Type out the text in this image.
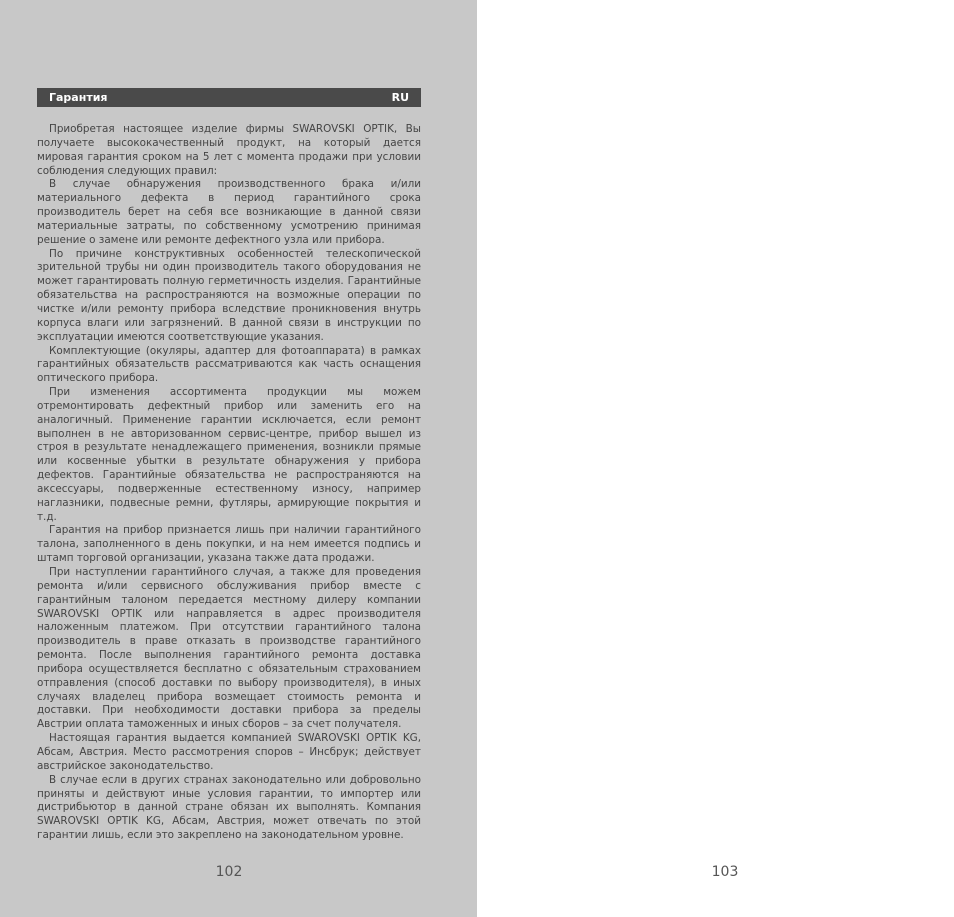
Гарантия	RU

Приобретая настоящее изделие фирмы SWAROVSKI OPTIK, Вы получаете высококачественный продукт, на который дается мировая гарантия сроком на 5 лет с момента продажи при условии соблюдения следующих правил:

В случае обнаружения производственного брака и/или материального дефекта в период гарантийного срока производитель берет на себя все возникающие в данной связи материальные затраты, по собственному усмотрению принимая решение о замене или ремонте дефектного узла или прибора.

По причине конструктивных особенностей телескопической зрительной трубы ни один производитель такого оборудования не может гарантировать полную герметичность изделия. Гарантийные обязательства на распространяются на возможные операции по чистке и/или ремонту прибора вследствие проникновения внутрь корпуса влаги или загрязнений. В данной связи в инструкции по эксплуатации имеются соответствующие указания.

Комплектующие (окуляры, адаптер для фотоаппарата) в рамках гарантийных обязательств рассматриваются как часть оснащения оптического прибора.

При изменения ассортимента продукции мы можем отремонтировать дефектный прибор или заменить его на аналогичный. Применение гарантии исключается, если ремонт выполнен в не авторизованном сервис-центре, прибор вышел из строя в результате ненадлежащего применения, возникли прямые или косвенные убытки в результате обнаружения у прибора дефектов. Гарантийные обязательства не распространяются на аксессуары, подверженные естественному износу, например наглазники, подвесные ремни, футляры, армирующие покрытия и т.д.

Гарантия на прибор признается лишь при наличии гарантийного талона, заполненного в день покупки, и на нем имеется подпись и штамп торговой организации, указана также дата продажи.

При наступлении гарантийного случая, а также для проведения ремонта и/или сервисного обслуживания прибор вместе с гарантийным талоном передается местному дилеру компании SWAROVSKI OPTIK или направляется в адрес производителя наложенным платежом. При отсутствии гарантийного талона производитель в праве отказать в производстве гарантийного ремонта. После выполнения гарантийного ремонта доставка прибора осуществляется бесплатно с обязательным страхованием отправления (способ доставки по выбору производителя), в иных случаях владелец прибора возмещает стоимость ремонта и доставки. При необходимости доставки прибора за пределы Австрии оплата таможенных и иных сборов – за счет получателя.

Настоящая гарантия выдается компанией SWAROVSKI OPTIK KG, Абсам, Австрия. Место рассмотрения споров – Инсбрук; действует австрийское законодательство.

В случае если в других странах законодательно или добровольно приняты и действуют иные условия гарантии, то импортер или дистрибьютор в данной стране обязан их выполнять. Компания SWAROVSKI OPTIK KG, Абсам, Австрия, может отвечать по этой гарантии лишь, если это закреплено на законодательном уровне.

102	103
